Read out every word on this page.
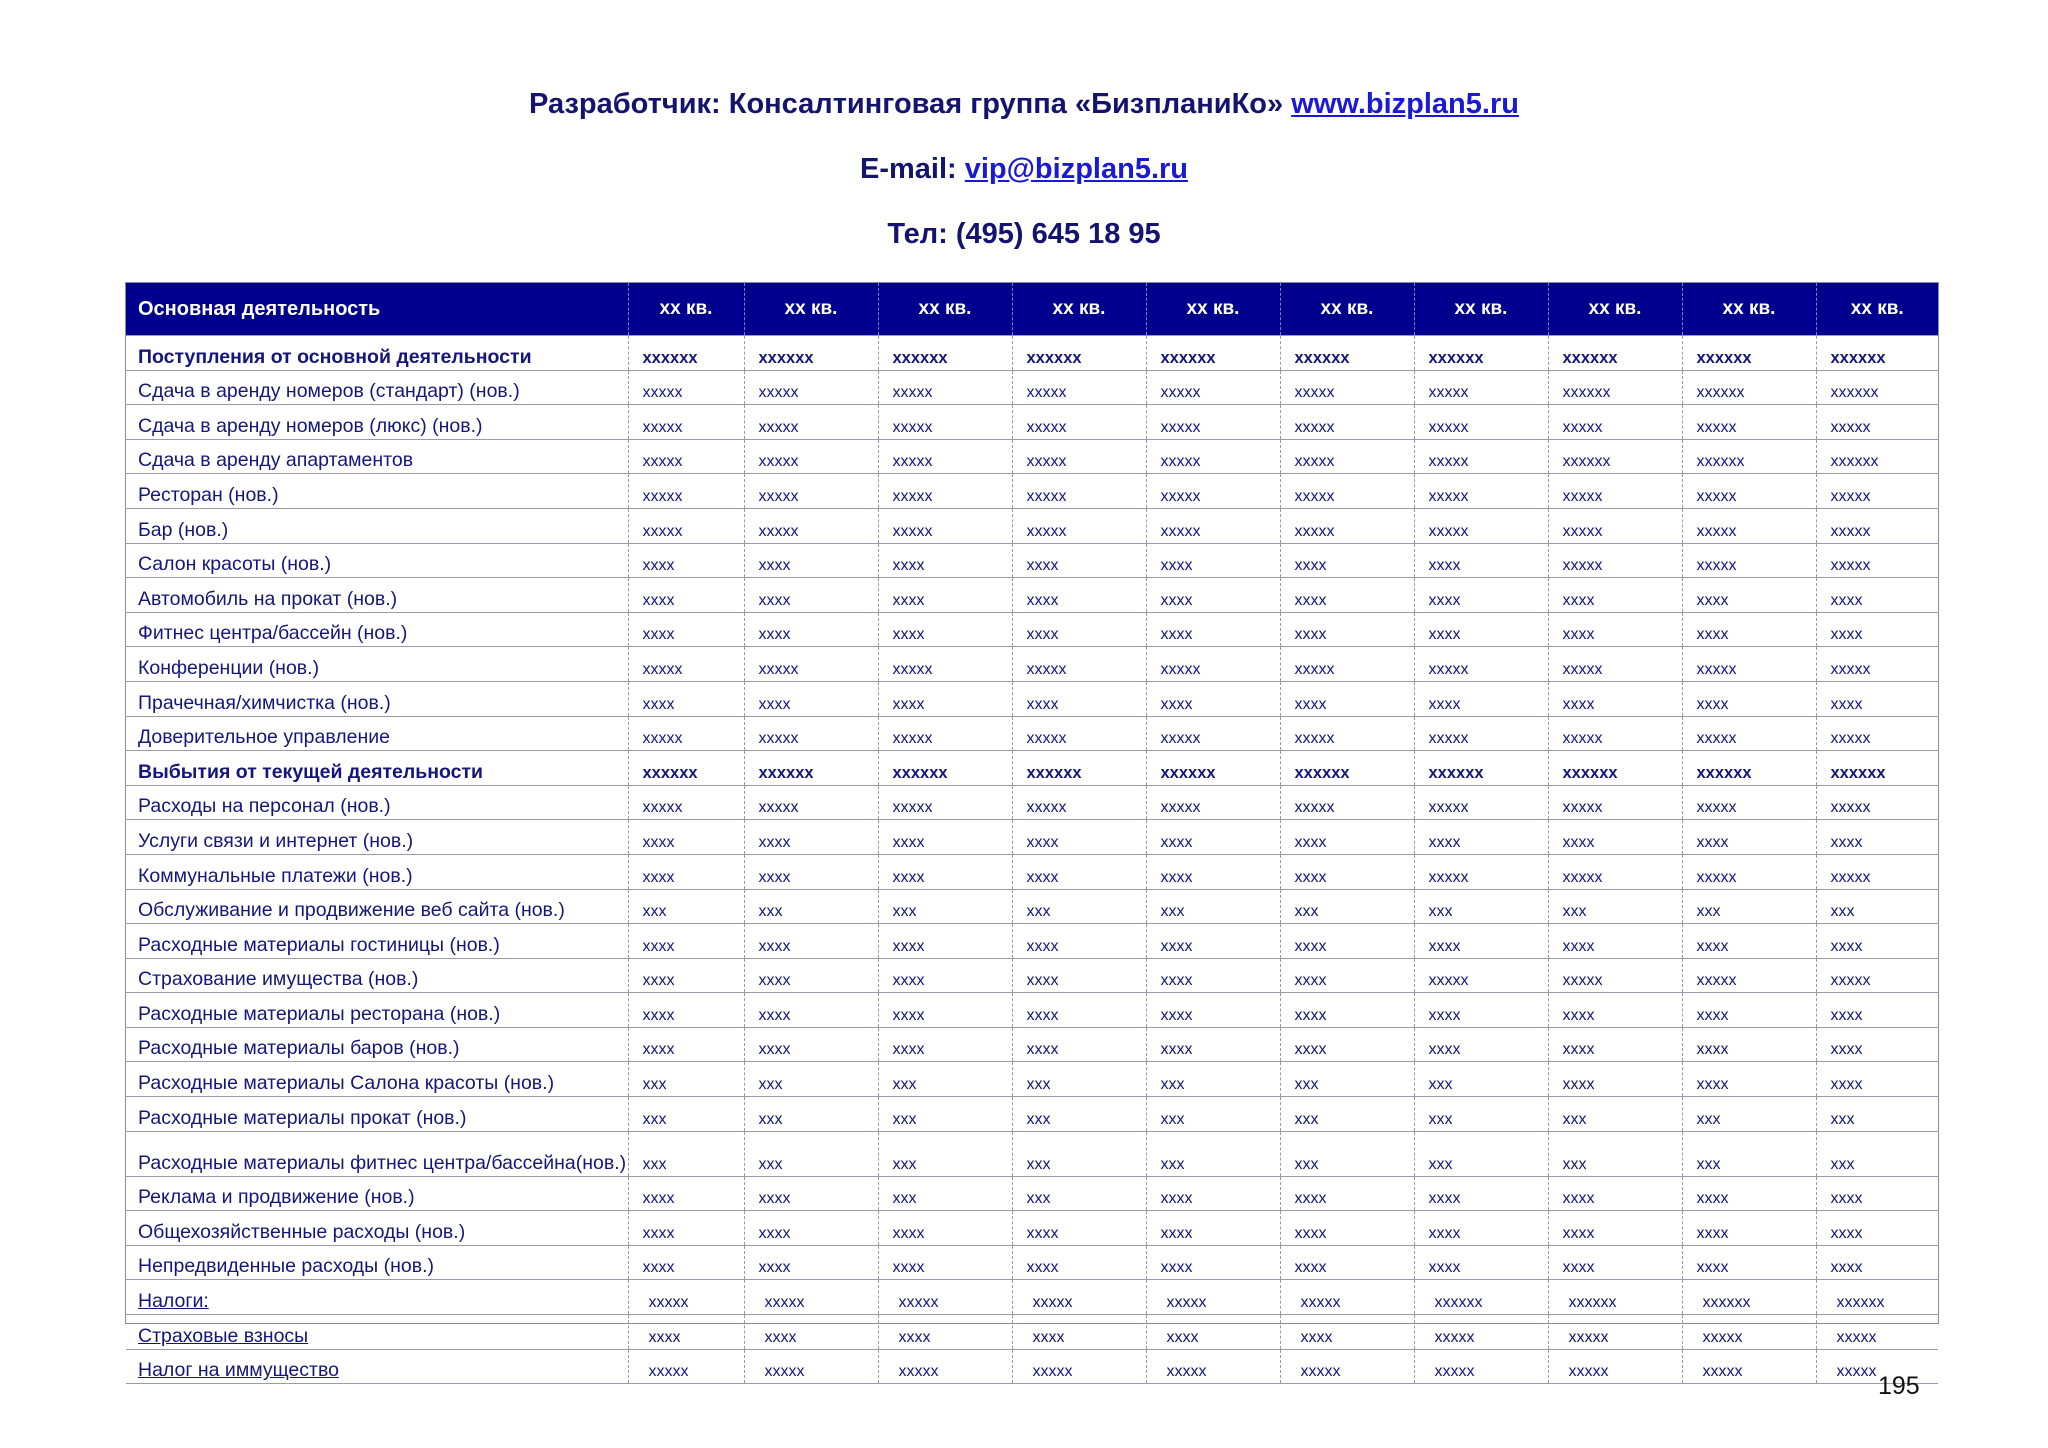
Разработчик: Консалтинговая группа «БизпланиКо» www.bizplan5.ru
E-mail: vip@bizplan5.ru
Тел: (495) 645 18 95
Основная деятельность	хх кв.	хх кв.	хх кв.	хх кв.	хх кв.	хх кв.	хх кв.	хх кв.	хх кв.	хх кв.
Поступления от основной деятельности	хххххх	хххххх	хххххх	хххххх	хххххх	хххххх	хххххх	хххххх	хххххх	хххххх
Сдача в аренду номеров (стандарт) (нов.)	ххххх	ххххх	ххххх	ххххх	ххххх	ххххх	ххххх	хххххх	хххххх	хххххх
Сдача в аренду номеров (люкс) (нов.)	ххххх	ххххх	ххххх	ххххх	ххххх	ххххх	ххххх	ххххх	ххххх	ххххх
Сдача в аренду апартаментов	ххххх	ххххх	ххххх	ххххх	ххххх	ххххх	ххххх	хххххх	хххххх	хххххх
Ресторан (нов.)	ххххх	ххххх	ххххх	ххххх	ххххх	ххххх	ххххх	ххххх	ххххх	ххххх
Бар (нов.)	ххххх	ххххх	ххххх	ххххх	ххххх	ххххх	ххххх	ххххх	ххххх	ххххх
Салон красоты (нов.)	хххх	хххх	хххх	хххх	хххх	хххх	хххх	ххххх	ххххх	ххххх
Автомобиль на прокат (нов.)	хххх	хххх	хххх	хххх	хххх	хххх	хххх	хххх	хххх	хххх
Фитнес центра/бассейн (нов.)	хххх	хххх	хххх	хххх	хххх	хххх	хххх	хххх	хххх	хххх
Конференции (нов.)	ххххх	ххххх	ххххх	ххххх	ххххх	ххххх	ххххх	ххххх	ххххх	ххххх
Прачечная/химчистка (нов.)	хххх	хххх	хххх	хххх	хххх	хххх	хххх	хххх	хххх	хххх
Доверительное управление	ххххх	ххххх	ххххх	ххххх	ххххх	ххххх	ххххх	ххххх	ххххх	ххххх
Выбытия от текущей деятельности	хххххх	хххххх	хххххх	хххххх	хххххх	хххххх	хххххх	хххххх	хххххх	хххххх
Расходы на персонал (нов.)	ххххх	ххххх	ххххх	ххххх	ххххх	ххххх	ххххх	ххххх	ххххх	ххххх
Услуги связи и интернет (нов.)	хххх	хххх	хххх	хххх	хххх	хххх	хххх	хххх	хххх	хххх
Коммунальные платежи (нов.)	хххх	хххх	хххх	хххх	хххх	хххх	ххххх	ххххх	ххххх	ххххх
Обслуживание и продвижение веб сайта (нов.)	ххх	ххх	ххх	ххх	ххх	ххх	ххх	ххх	ххх	ххх
Расходные материалы гостиницы (нов.)	хххх	хххх	хххх	хххх	хххх	хххх	хххх	хххх	хххх	хххх
Страхование имущества (нов.)	хххх	хххх	хххх	хххх	хххх	хххх	ххххх	ххххх	ххххх	ххххх
Расходные материалы ресторана (нов.)	хххх	хххх	хххх	хххх	хххх	хххх	хххх	хххх	хххх	хххх
Расходные материалы баров (нов.)	хххх	хххх	хххх	хххх	хххх	хххх	хххх	хххх	хххх	хххх
Расходные материалы Салона красоты (нов.)	ххх	ххх	ххх	ххх	ххх	ххх	ххх	хххх	хххх	хххх
Расходные материалы прокат (нов.)	ххх	ххх	ххх	ххх	ххх	ххх	ххх	ххх	ххх	ххх
Расходные материалы фитнес центра/бассейна(нов.)	ххх	ххх	ххх	ххх	ххх	ххх	ххх	ххх	ххх	ххх
Реклама и продвижение (нов.)	хххх	хххх	ххх	ххх	хххх	хххх	хххх	хххх	хххх	хххх
Общехозяйственные расходы (нов.)	хххх	хххх	хххх	хххх	хххх	хххх	хххх	хххх	хххх	хххх
Непредвиденные расходы (нов.)	хххх	хххх	хххх	хххх	хххх	хххх	хххх	хххх	хххх	хххх
Налоги:	ххххх	ххххх	ххххх	ххххх	ххххх	ххххх	хххххх	хххххх	хххххх	хххххх
Страховые взносы	хххх	хххх	хххх	хххх	хххх	хххх	ххххх	ххххх	ххххх	ххххх
Налог на иммущество	ххххх	ххххх	ххххх	ххххх	ххххх	ххххх	ххххх	ххххх	ххххх	ххххх
195
